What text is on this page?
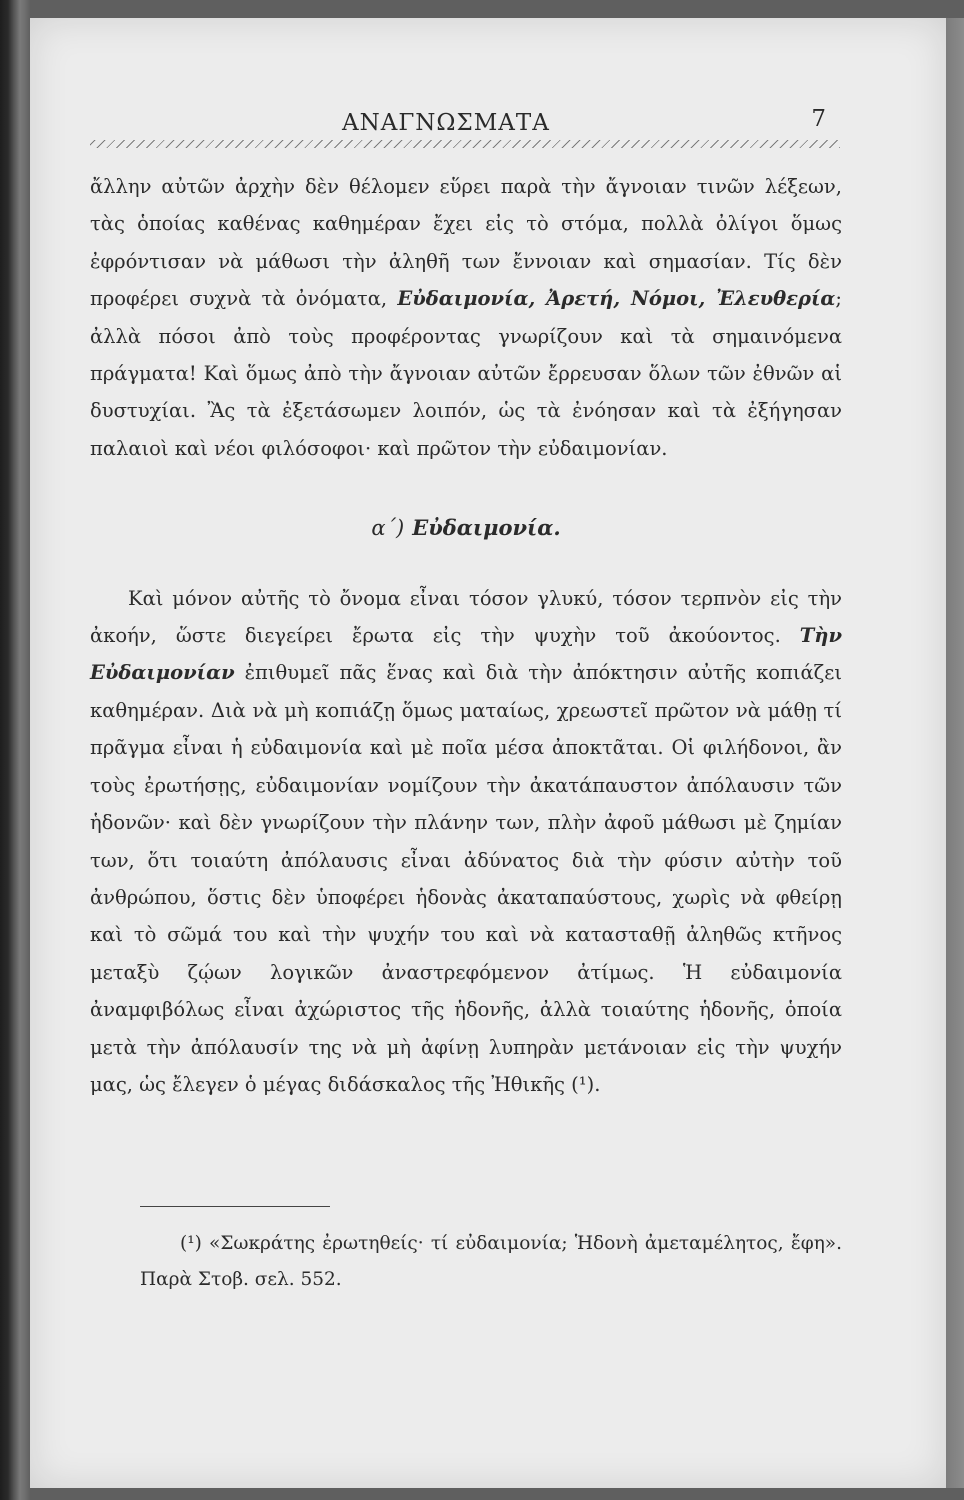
ΑΝΑΓΝΩΣΜΑΤΑ	7

ἄλλην αὐτῶν ἀρχὴν δὲν θέλομεν εὕρει παρὰ τὴν ἄγνοιαν τινῶν λέξεων, τὰς ὁποίας καθένας καθημέραν ἔχει εἰς τὸ στόμα, πολλὰ ὀλίγοι ὅμως ἐφρόντισαν νὰ μάθωσι τὴν ἀληθῆ των ἔννοιαν καὶ σημασίαν. Τίς δὲν προφέρει συχνὰ τὰ ὀνόματα, Εὐδαιμονία, Ἀρετή, Νόμοι, Ἐλευθερία; ἀλλὰ πόσοι ἀπὸ τοὺς προφέροντας γνωρίζουν καὶ τὰ σημαινόμενα πράγματα! Καὶ ὅμως ἀπὸ τὴν ἄγνοιαν αὐτῶν ἔρρευσαν ὅλων τῶν ἐθνῶν αἱ δυστυχίαι. Ἂς τὰ ἐξετάσωμεν λοιπόν, ὡς τὰ ἐνόησαν καὶ τὰ ἐξήγησαν παλαιοὶ καὶ νέοι φιλόσοφοι· καὶ πρῶτον τὴν εὐδαιμονίαν.

α΄) Εὐδαιμονία.

Καὶ μόνον αὐτῆς τὸ ὄνομα εἶναι τόσον γλυκύ, τόσον τερπνὸν εἰς τὴν ἀκοήν, ὥστε διεγείρει ἔρωτα εἰς τὴν ψυχὴν τοῦ ἀκούοντος. Τὴν Εὐδαιμονίαν ἐπιθυμεῖ πᾶς ἕνας καὶ διὰ τὴν ἀπόκτησιν αὐτῆς κοπιάζει καθημέραν. Διὰ νὰ μὴ κοπιάζῃ ὅμως ματαίως, χρεωστεῖ πρῶτον νὰ μάθῃ τί πρᾶγμα εἶναι ἡ εὐδαιμονία καὶ μὲ ποῖα μέσα ἀποκτᾶται. Οἱ φιλήδονοι, ἂν τοὺς ἐρωτήσῃς, εὐδαιμονίαν νομίζουν τὴν ἀκατάπαυστον ἀπόλαυσιν τῶν ἡδονῶν· καὶ δὲν γνωρίζουν τὴν πλάνην των, πλὴν ἀφοῦ μάθωσι μὲ ζημίαν των, ὅτι τοιαύτη ἀπόλαυσις εἶναι ἀδύνατος διὰ τὴν φύσιν αὐτὴν τοῦ ἀνθρώπου, ὅστις δὲν ὑποφέρει ἡδονὰς ἀκαταπαύστους, χωρὶς νὰ φθείρῃ καὶ τὸ σῶμά του καὶ τὴν ψυχήν του καὶ νὰ κατασταθῇ ἀληθῶς κτῆνος μεταξὺ ζῴων λογικῶν ἀναστρεφόμενον ἀτίμως. Ἡ εὐδαιμονία ἀναμφιβόλως εἶναι ἀχώριστος τῆς ἡδονῆς, ἀλλὰ τοιαύτης ἡδονῆς, ὁποία μετὰ τὴν ἀπόλαυσίν της νὰ μὴ ἀφίνῃ λυπηρὰν μετάνοιαν εἰς τὴν ψυχήν μας, ὡς ἔλεγεν ὁ μέγας διδάσκαλος τῆς Ἠθικῆς (¹).

(¹) «Σωκράτης ἐρωτηθείς· τί εὐδαιμονία; Ἡδονὴ ἀμεταμέλητος, ἔφη». Παρὰ Στοβ. σελ. 552.
